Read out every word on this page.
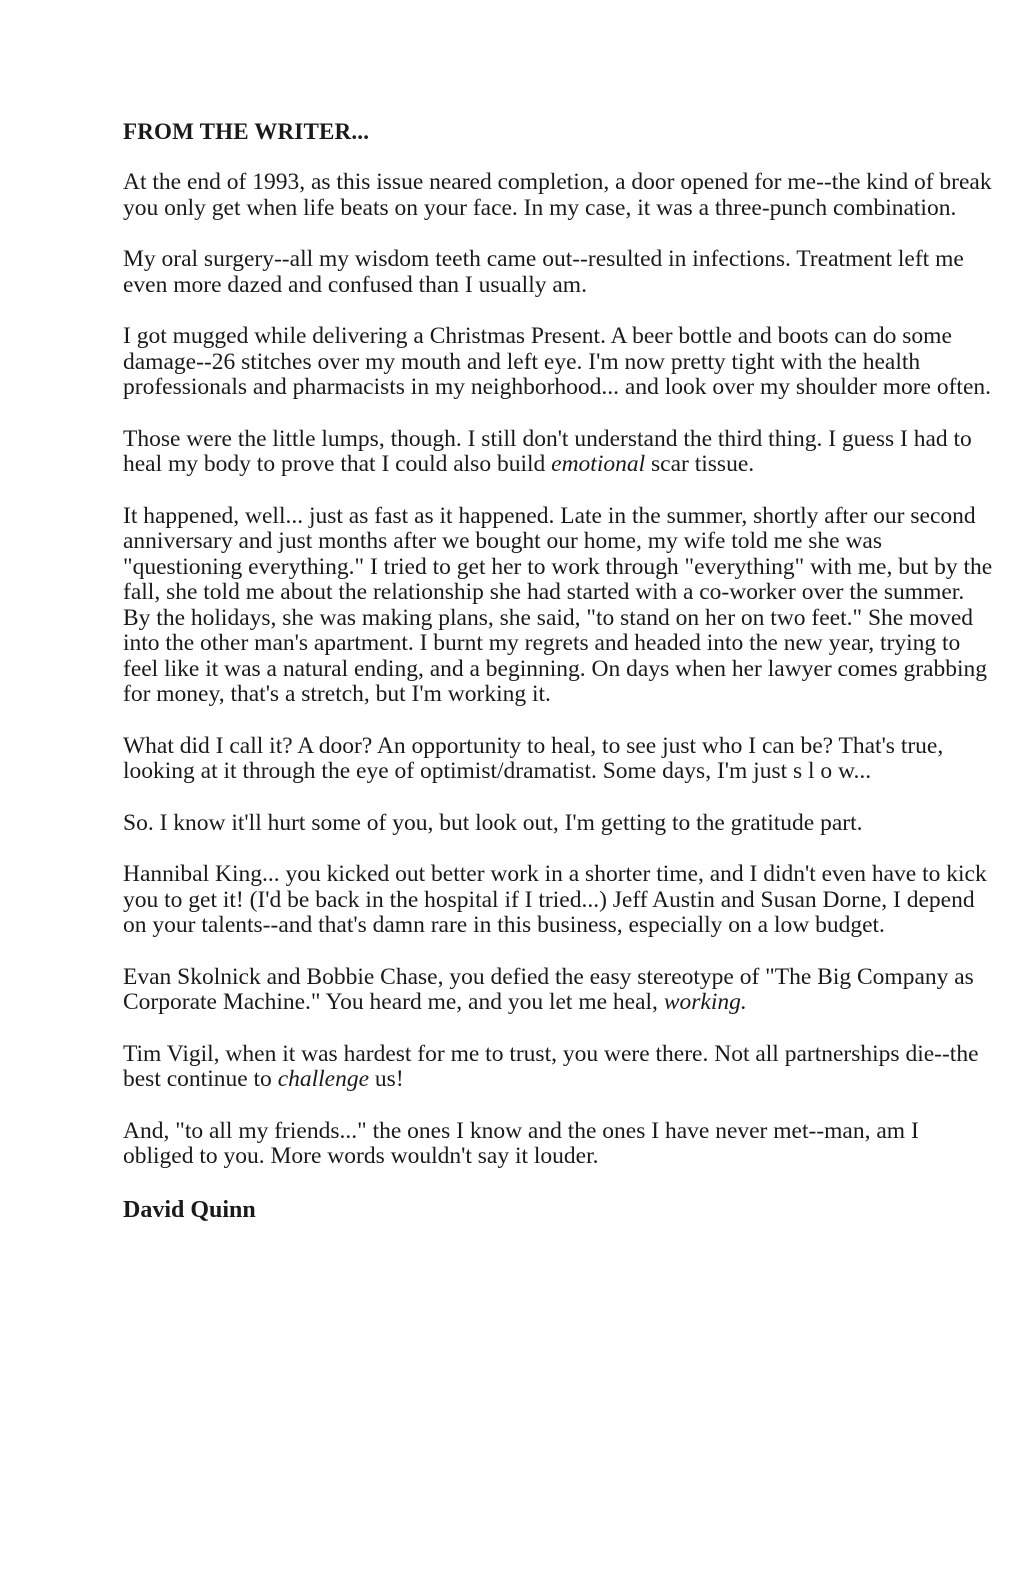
FROM THE WRITER...

At the end of 1993, as this issue neared completion, a door opened for me--the kind of break you only get when life beats on your face. In my case, it was a three-punch combination.

My oral surgery--all my wisdom teeth came out--resulted in infections. Treatment left me even more dazed and confused than I usually am.

I got mugged while delivering a Christmas Present. A beer bottle and boots can do some damage--26 stitches over my mouth and left eye. I'm now pretty tight with the health professionals and pharmacists in my neighborhood... and look over my shoulder more often.

Those were the little lumps, though. I still don't understand the third thing. I guess I had to heal my body to prove that I could also build emotional scar tissue.

It happened, well... just as fast as it happened. Late in the summer, shortly after our second anniversary and just months after we bought our home, my wife told me she was "questioning everything." I tried to get her to work through "everything" with me, but by the fall, she told me about the relationship she had started with a co-worker over the summer. By the holidays, she was making plans, she said, "to stand on her on two feet." She moved into the other man's apartment. I burnt my regrets and headed into the new year, trying to feel like it was a natural ending, and a beginning. On days when her lawyer comes grabbing for money, that's a stretch, but I'm working it.

What did I call it? A door? An opportunity to heal, to see just who I can be? That's true, looking at it through the eye of optimist/dramatist. Some days, I'm just s l o w...

So. I know it'll hurt some of you, but look out, I'm getting to the gratitude part.

Hannibal King... you kicked out better work in a shorter time, and I didn't even have to kick you to get it! (I'd be back in the hospital if I tried...) Jeff Austin and Susan Dorne, I depend on your talents--and that's damn rare in this business, especially on a low budget.

Evan Skolnick and Bobbie Chase, you defied the easy stereotype of "The Big Company as Corporate Machine." You heard me, and you let me heal, working.

Tim Vigil, when it was hardest for me to trust, you were there. Not all partnerships die--the best continue to challenge us!

And, "to all my friends..." the ones I know and the ones I have never met--man, am I obliged to you. More words wouldn't say it louder.

David Quinn
